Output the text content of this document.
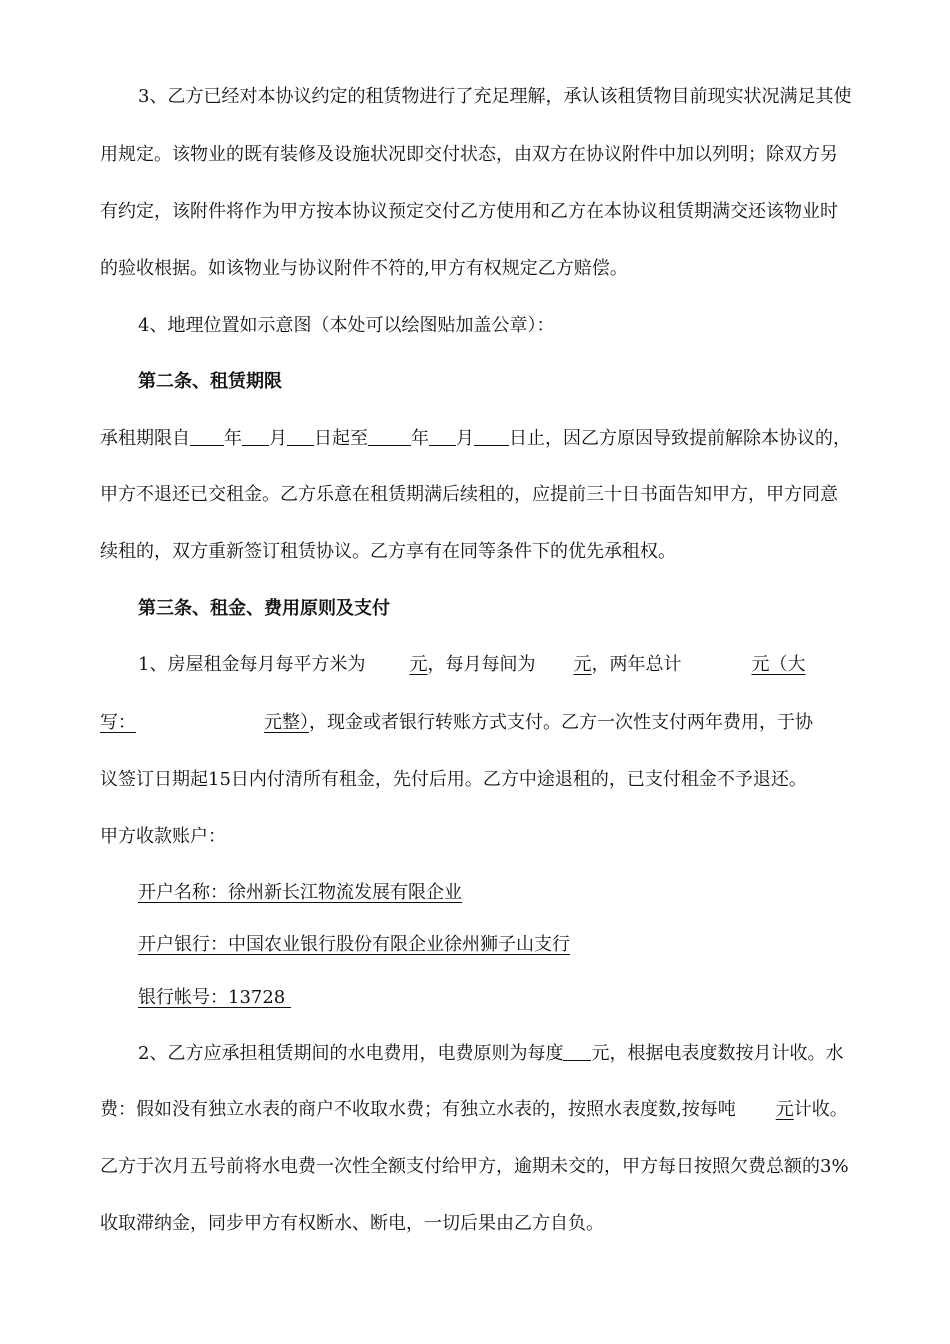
3、乙方已经对本协议约定的租赁物进行了充足理解，承认该租赁物目前现实状况满足其使
用规定。该物业的既有装修及设施状况即交付状态，由双方在协议附件中加以列明；除双方另
有约定，该附件将作为甲方按本协议预定交付乙方使用和乙方在本协议租赁期满交还该物业时
的验收根据。如该物业与协议附件不符的,甲方有权规定乙方赔偿。
4、地理位置如示意图（本处可以绘图贴加盖公章）：
第二条、租赁期限
承租期限自 年 月 日起至 年 月 日止，因乙方原因导致提前解除本协议的，
甲方不退还已交租金。乙方乐意在租赁期满后续租的，应提前三十日书面告知甲方，甲方同意
续租的，双方重新签订租赁协议。乙方享有在同等条件下的优先承租权。
第三条、租金、费用原则及支付
1、房屋租金每月每平方米为 元，每月每间为 元，两年总计	元（大
写：	元整），现金或者银行转账方式支付。乙方一次性支付两年费用，于协
议签订日期起15日内付清所有租金，先付后用。乙方中途退租的，已支付租金不予退还。
甲方收款账户：
开户名称：徐州新长江物流发展有限企业
开户银行：中国农业银行股份有限企业徐州狮子山支行
银行帐号：13728
2、乙方应承担租赁期间的水电费用，电费原则为每度 元，根据电表度数按月计收。水
费：假如没有独立水表的商户不收取水费；有独立水表的，按照水表度数,按每吨 元计收。
乙方于次月五号前将水电费一次性全额支付给甲方，逾期未交的，甲方每日按照欠费总额的3%
收取滞纳金，同步甲方有权断水、断电，一切后果由乙方自负。
